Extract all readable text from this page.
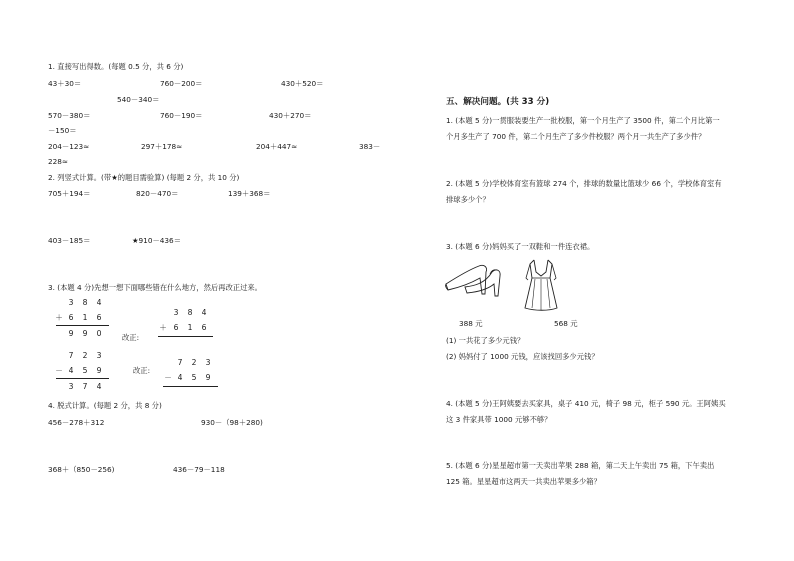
1. 直接写出得数。(每题 0.5 分，共 6 分)
43＋30＝	760－200＝	430＋520＝
540－340＝
570－380＝	760－190＝	430＋270＝
－150＝
204－123≈	297＋178≈	204＋447≈	383－
228≈
2. 列竖式计算。(带★的题目需验算) (每题 2 分，共 10 分)
705＋194＝	820－470＝	139＋368＝
403－185＝	★910－436＝
3. (本题 4 分)先想一想下面哪些错在什么地方，然后再改正过来。
3 8 4
＋ 6 1 6
9 9 0	改正:
3 8 4
＋ 6 1 6
7 2 3
－ 4 5 9
3 7 4
改正:
7 2 3
－ 4 5 9
4. 脱式计算。(每题 2 分，共 8 分)
456－278＋312	930－（98＋280)
368＋（850－256)	436－79－118
五、解决问题。(共 33 分)
1. (本题 5 分)一贯服装要生产一批校服，第一个月生产了 3500 件，第二个月比第一
个月多生产了 700 件，第二个月生产了多少件校服？两个月一共生产了多少件？
2. (本题 5 分)学校体育室有篮球 274 个，排球的数量比篮球少 66 个，学校体育室有
排球多少个？
3. (本题 6 分)妈妈买了一双鞋和一件连衣裙。
388 元	568 元
(1) 一共花了多少元钱？
(2) 妈妈付了 1000 元钱，应该找回多少元钱？
4. (本题 5 分)王阿姨要去买家具，桌子 410 元，椅子 98 元，柜子 590 元。王阿姨买
这 3 件家具带 1000 元够不够？
5. (本题 6 分)星星超市第一天卖出苹果 288 箱，第二天上午卖出 75 箱，下午卖出
125 箱。星星超市这两天一共卖出苹果多少箱？
